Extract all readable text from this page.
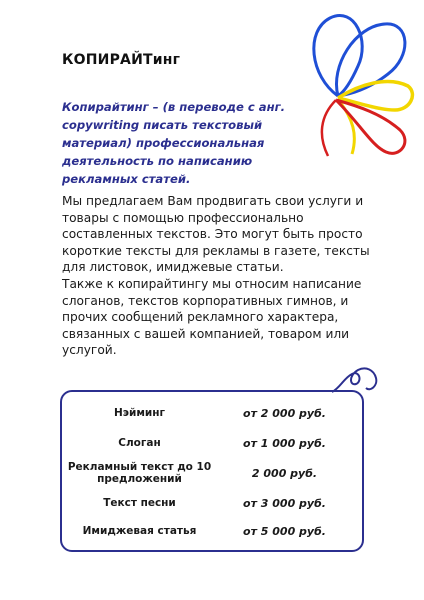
КОПИРАЙТинг
Копирайтинг – (в переводе с анг. copywriting писать текстовый материал) профессиональная деятельность по написанию рекламных статей.

Мы предлагаем Вам продвигать свои услуги и товары с помощью профессионально составленных текстов. Это могут быть просто короткие тексты для рекламы в газете, тексты для листовок, имиджевые статьи.

Также к копирайтингу мы относим написание слоганов, текстов корпоративных гимнов, и прочих сообщений рекламного характера, связанных с вашей компанией, товаром или услугой.

Нэйминг	от 2 000 руб.
Слоган	от 1 000 руб.
Рекламный текст до 10 предложений	2 000 руб.
Текст песни	от 3 000 руб.
Имиджевая статья	от 5 000 руб.
